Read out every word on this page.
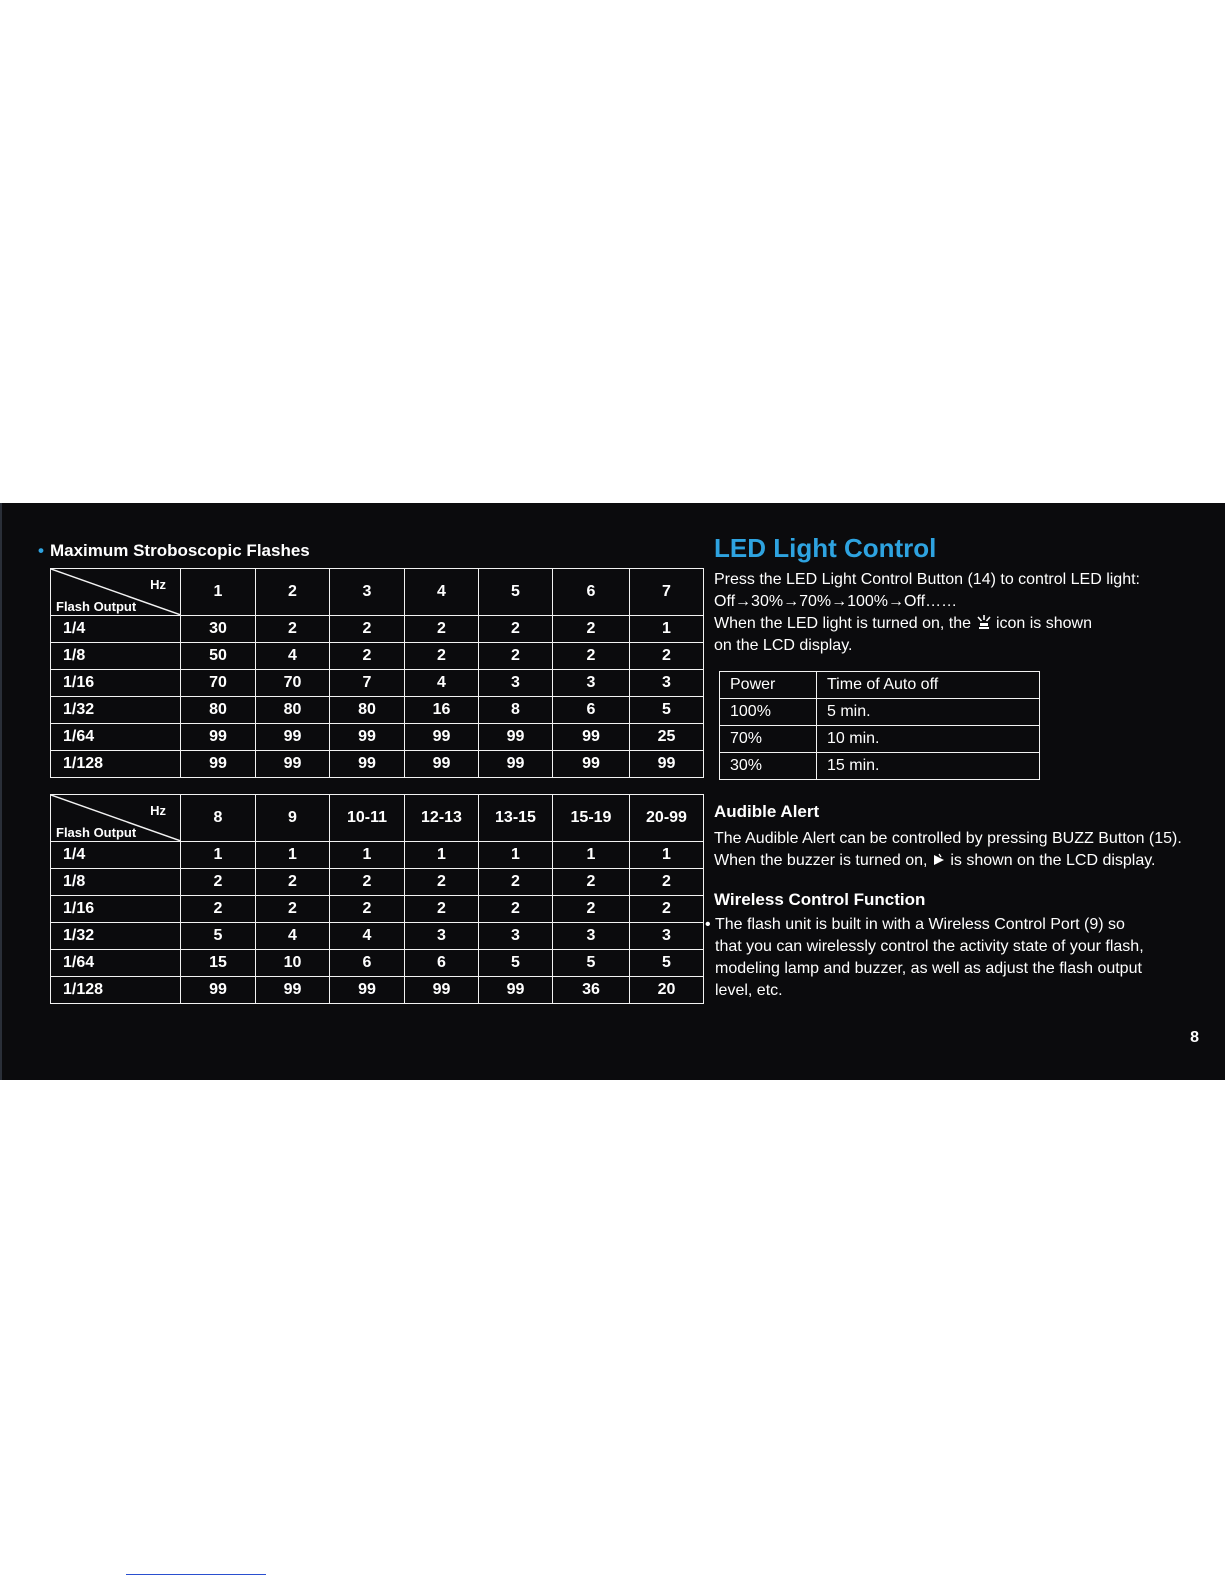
• Maximum Stroboscopic Flashes
Hz
Flash Output	1	2	3	4	5	6	7
1/4	30	2	2	2	2	2	1
1/8	50	4	2	2	2	2	2
1/16	70	70	7	4	3	3	3
1/32	80	80	80	16	8	6	5
1/64	99	99	99	99	99	99	25
1/128	99	99	99	99	99	99	99
Hz
Flash Output	8	9	10-11	12-13	13-15	15-19	20-99
1/4	1	1	1	1	1	1	1
1/8	2	2	2	2	2	2	2
1/16	2	2	2	2	2	2	2
1/32	5	4	4	3	3	3	3
1/64	15	10	6	6	5	5	5
1/128	99	99	99	99	99	36	20
LED Light Control

Press the LED Light Control Button (14) to control LED light:
Off→30%→70%→100%→Off……
When the LED light is turned on, the icon is shown
on the LCD display.

Power	Time of Auto off
100%	5 min.
70%	10 min.
30%	15 min.
Audible Alert

The Audible Alert can be controlled by pressing BUZZ Button (15). When the buzzer is turned on, is shown on the LCD display.

Wireless Control Function

• The flash unit is built in with a Wireless Control Port (9) so that you can wirelessly control the activity state of your flash, modeling lamp and buzzer, as well as adjust the flash output level, etc.

8
